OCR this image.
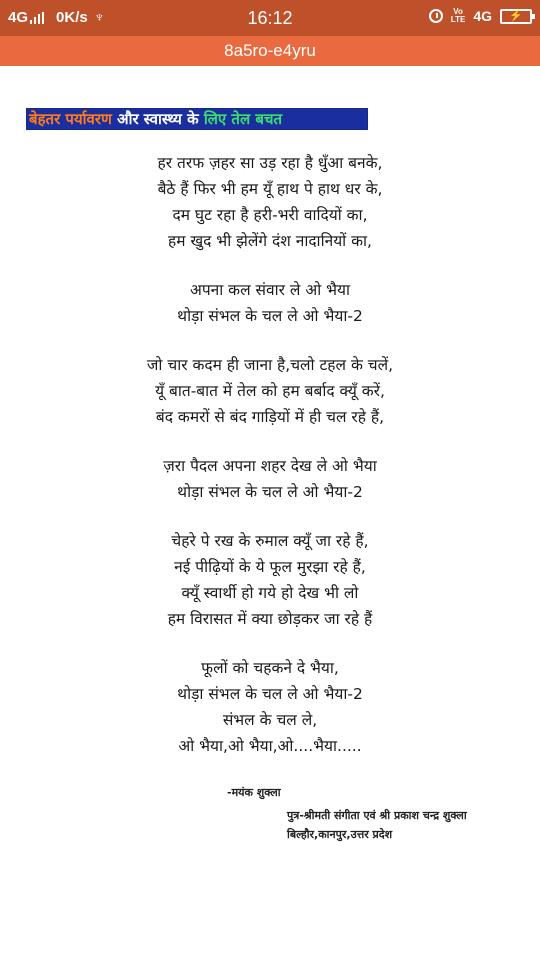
4G 0K/s ♆	16:12	Vo
LTE 4G	⚡
8a5ro-e4yru
बेहतर पर्यावरण और स्वास्थ्य के लिए तेल बचत
हर तरफ ज़हर सा उड़ रहा है धुँआ बनके,
बैठे हैं फिर भी हम यूँ हाथ पे हाथ धर के,
दम घुट रहा है हरी-भरी वादियों का,
हम खुद भी झेलेंगे दंश नादानियों का,
अपना कल संवार ले ओ भैया
थोड़ा संभल के चल ले ओ भैया-2
जो चार कदम ही जाना है,चलो टहल के चलें,
यूँ बात-बात में तेल को हम बर्बाद क्यूँ करें,
बंद कमरों से बंद गाड़ियों में ही चल रहे हैं,
ज़रा पैदल अपना शहर देख ले ओ भैया
थोड़ा संभल के चल ले ओ भैया-2
चेहरे पे रख के रुमाल क्यूँ जा रहे हैं,
नई पीढ़ियों के ये फूल मुरझा रहे हैं,
क्यूँ स्वार्थी हो गये हो देख भी लो
हम विरासत में क्या छोड़कर जा रहे हैं
फूलों को चहकने दे भैया,
थोड़ा संभल के चल ले ओ भैया-2
संभल के चल ले,
ओ भैया,ओ भैया,ओ....भैया.....
-मयंक शुक्ला
पुत्र-श्रीमती संगीता एवं श्री प्रकाश चन्द्र शुक्ला
बिल्हौर,कानपुर,उत्तर प्रदेश
